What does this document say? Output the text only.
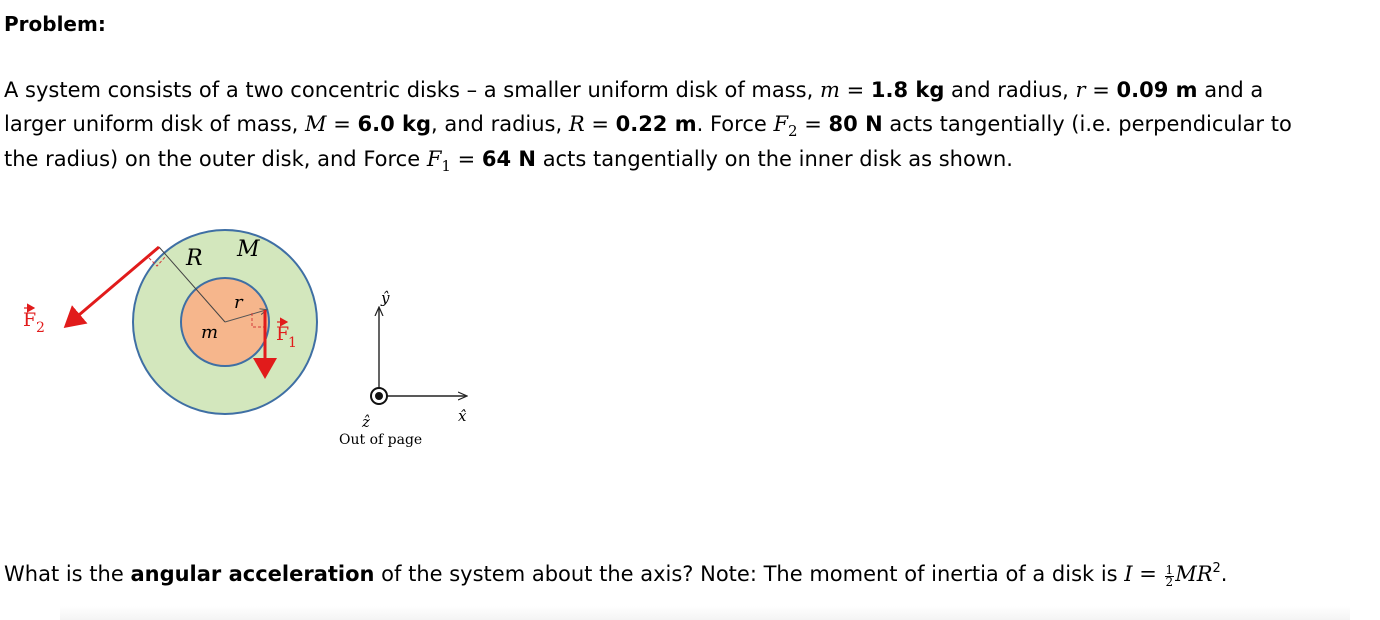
Problem:
A system consists of a two concentric disks – a smaller uniform disk of mass, m = 1.8 kg and radius, r = 0.09 m and a
larger uniform disk of mass, M = 6.0 kg, and radius, R = 0.22 m. Force $F_2 = 80$ N acts tangentially (i.e. perpendicular to
the radius) on the outer disk, and Force $F_1 = 64$ N acts tangentially on the inner disk as shown.
R M
r
m
F 2	F
1
ŷ
x̂
ẑ
Out of page
What is the angular acceleration of the system about the axis? Note: The moment of inertia of a disk is $I = \frac{1}{2} MR^2$.
